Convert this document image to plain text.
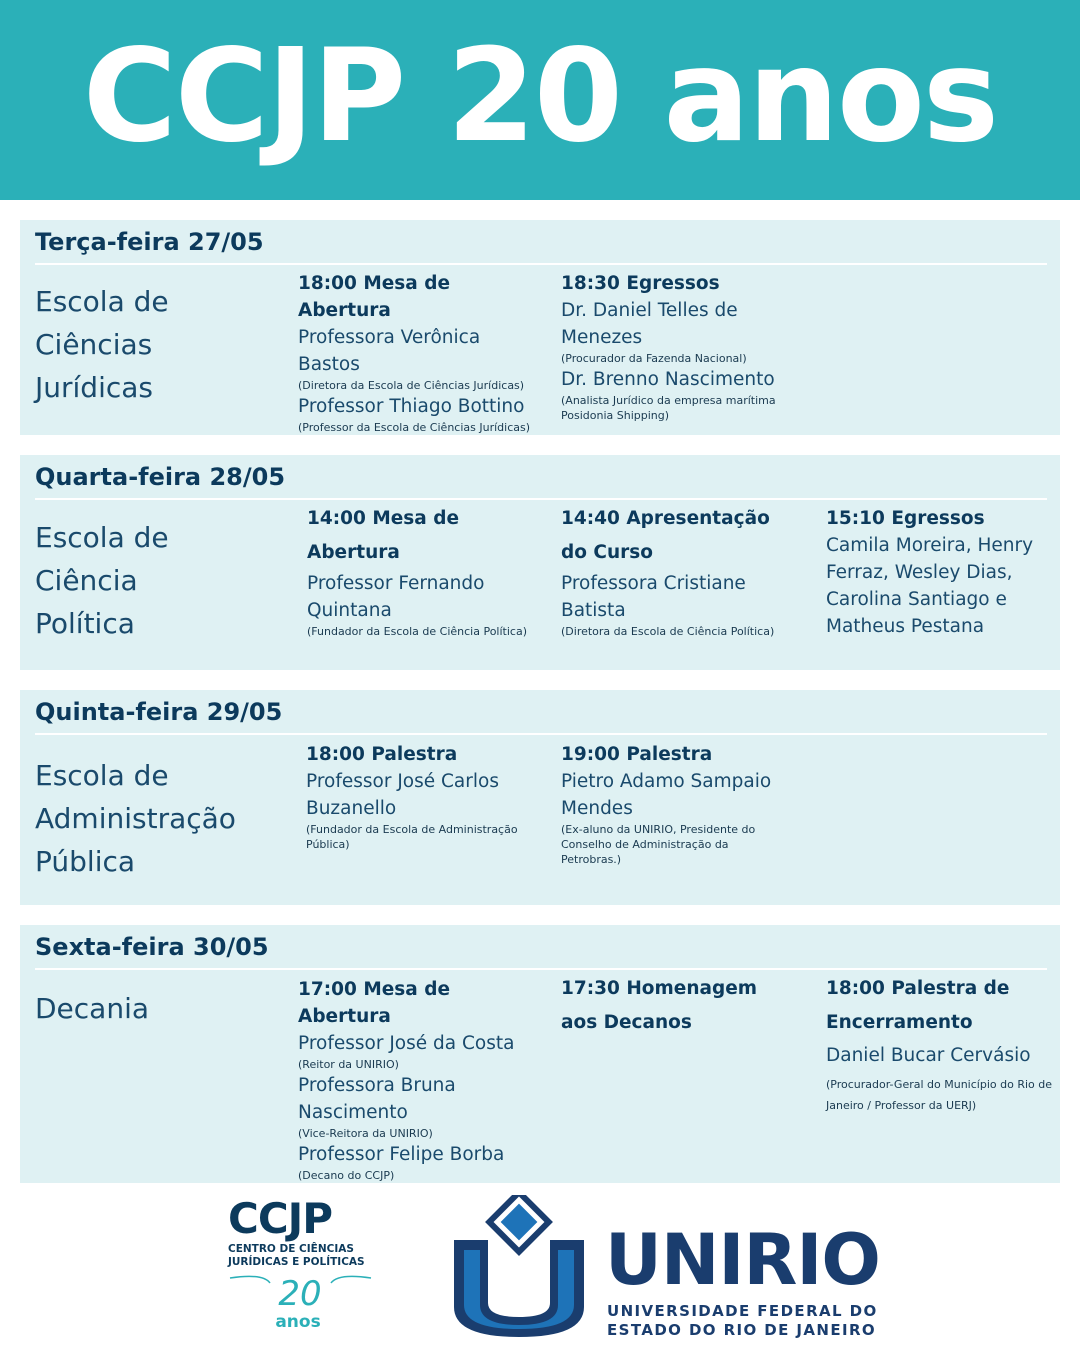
CCJP 20 anos
Terça-feira 27/05
Escola de
Ciências
Jurídicas
18:00 Mesa de Abertura
Professora Verônica Bastos
(Diretora da Escola de Ciências Jurídicas)
Professor Thiago Bottino
(Professor da Escola de Ciências Jurídicas)
18:30 Egressos
Dr. Daniel Telles de Menezes
(Procurador da Fazenda Nacional)
Dr. Brenno Nascimento
(Analista Jurídico da empresa marítima Posidonia Shipping)
Quarta-feira 28/05
Escola de
Ciência
Política
14:00 Mesa de Abertura
Professor Fernando Quintana
(Fundador da Escola de Ciência Política)
14:40 Apresentação do Curso
Professora Cristiane Batista
(Diretora da Escola de Ciência Política)
15:10 Egressos
Camila Moreira, Henry Ferraz, Wesley Dias, Carolina Santiago e Matheus Pestana
Quinta-feira 29/05
Escola de
Administração
Pública
18:00 Palestra
Professor José Carlos Buzanello
(Fundador da Escola de Administração Pública)
19:00 Palestra
Pietro Adamo Sampaio Mendes
(Ex-aluno da UNIRIO, Presidente do Conselho de Administração da Petrobras.)
Sexta-feira 30/05
Decania
17:00 Mesa de Abertura
Professor José da Costa
(Reitor da UNIRIO)
Professora Bruna Nascimento
(Vice-Reitora da UNIRIO)
Professor Felipe Borba
(Decano do CCJP)
17:30 Homenagem aos Decanos
18:00 Palestra de Encerramento
Daniel Bucar Cervásio
(Procurador-Geral do Município do Rio de Janeiro / Professor da UERJ)
CCJP
CENTRO DE CIÊNCIAS
JURÍDICAS E POLÍTICAS
20
anos
UNIRIO
UNIVERSIDADE FEDERAL DO
ESTADO DO RIO DE JANEIRO
